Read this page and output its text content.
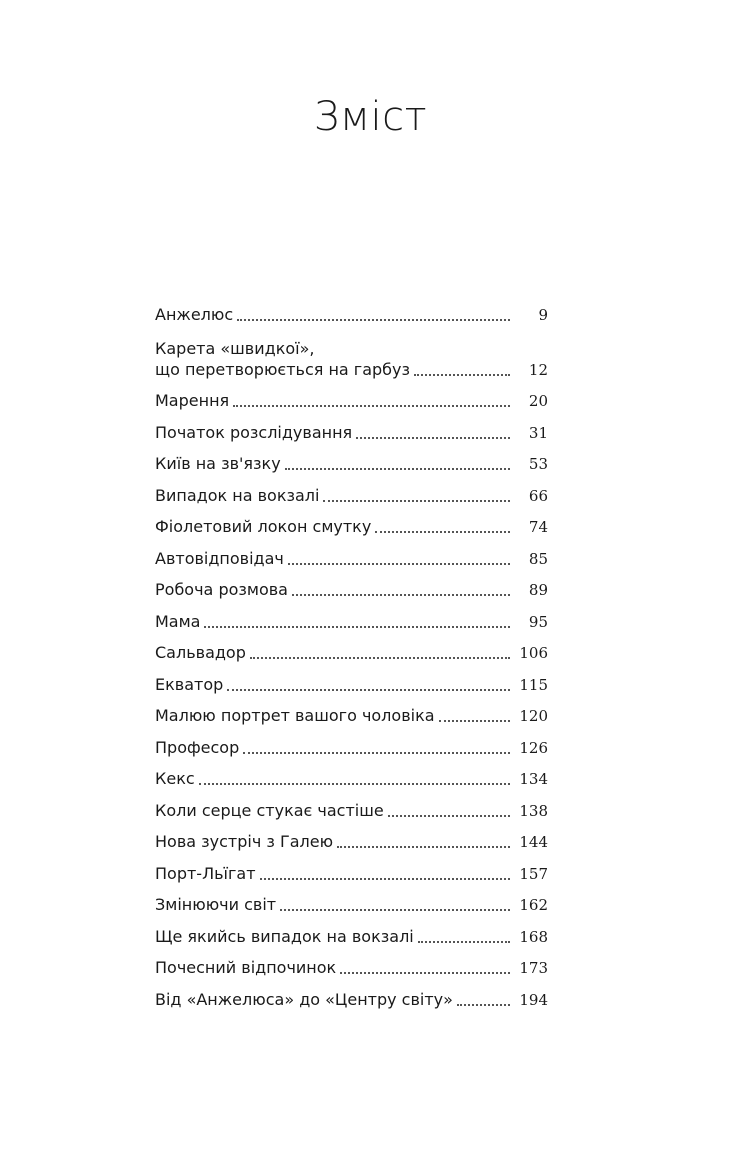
Зміст
Анжелюс	9
Карета «швидкої»,
що перетворюється на гарбуз	12
Марення	20
Початок розслідування	31
Київ на зв'язку	53
Випадок на вокзалі	66
Фіолетовий локон смутку	74
Автовідповідач	85
Робоча розмова	89
Мама	95
Сальвадор	106
Екватор	115
Малюю портрет вашого чоловіка	120
Професор	126
Кекс	134
Коли серце стукає частіше	138
Нова зустріч з Галею	144
Порт-Льїгат	157
Змінюючи світ	162
Ще якийсь випадок на вокзалі	168
Почесний відпочинок	173
Від «Анжелюса» до «Центру світу»	194
